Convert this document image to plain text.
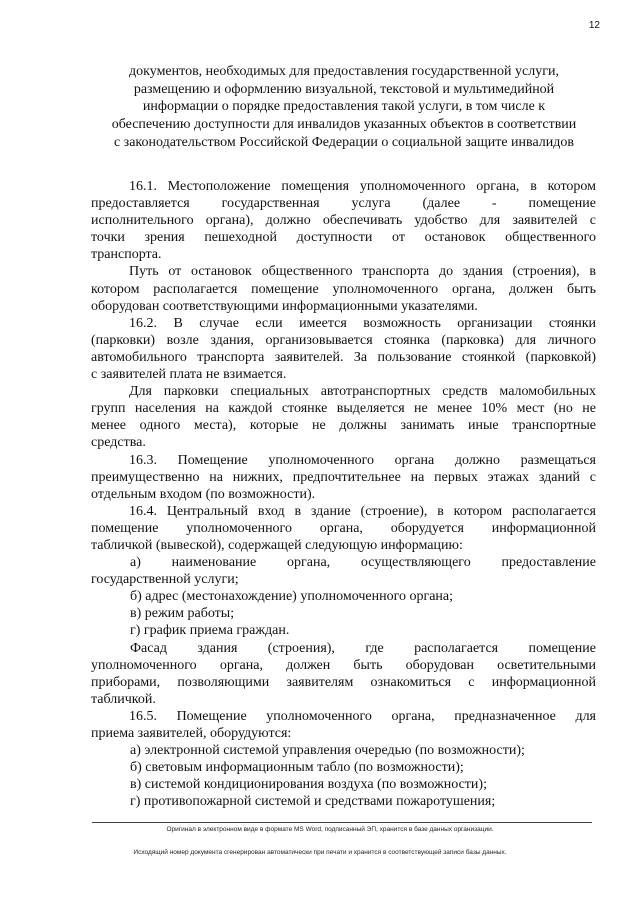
12
документов, необходимых для предоставления государственной услуги,
размещению и оформлению визуальной, текстовой и мультимедийной
информации о порядке предоставления такой услуги, в том числе к
обеспечению доступности для инвалидов указанных объектов в соответствии
с законодательством Российской Федерации о социальной защите инвалидов
16.1. Местоположение помещения уполномоченного органа, в котором
предоставляется государственная услуга (далее - помещение
исполнительного органа), должно обеспечивать удобство для заявителей с
точки зрения пешеходной доступности от остановок общественного
транспорта.
Путь от остановок общественного транспорта до здания (строения), в
котором располагается помещение уполномоченного органа, должен быть
оборудован соответствующими информационными указателями.
16.2. В случае если имеется возможность организации стоянки
(парковки) возле здания, организовывается стоянка (парковка) для личного
автомобильного транспорта заявителей. За пользование стоянкой (парковкой)
с заявителей плата не взимается.
Для парковки специальных автотранспортных средств маломобильных
групп населения на каждой стоянке выделяется не менее 10% мест (но не
менее одного места), которые не должны занимать иные транспортные
средства.
16.3. Помещение уполномоченного органа должно размещаться
преимущественно на нижних, предпочтительнее на первых этажах зданий с
отдельным входом (по возможности).
16.4. Центральный вход в здание (строение), в котором располагается
помещение уполномоченного органа, оборудуется информационной
табличкой (вывеской), содержащей следующую информацию:
а) наименование органа, осуществляющего предоставление
государственной услуги;
б) адрес (местонахождение) уполномоченного органа;
в) режим работы;
г) график приема граждан.
Фасад здания (строения), где располагается помещение
уполномоченного органа, должен быть оборудован осветительными
приборами, позволяющими заявителям ознакомиться с информационной
табличкой.
16.5. Помещение уполномоченного органа, предназначенное для
приема заявителей, оборудуются:
а) электронной системой управления очередью (по возможности);
б) световым информационным табло (по возможности);
в) системой кондиционирования воздуха (по возможности);
г) противопожарной системой и средствами пожаротушения;
Оригинал в электронном виде в формате MS Word, подписанный ЭП, хранится в базе данных организации.
Исходящий номер документа сгенерирован автоматически при печати и хранится в соответствующей записи базы данных.
